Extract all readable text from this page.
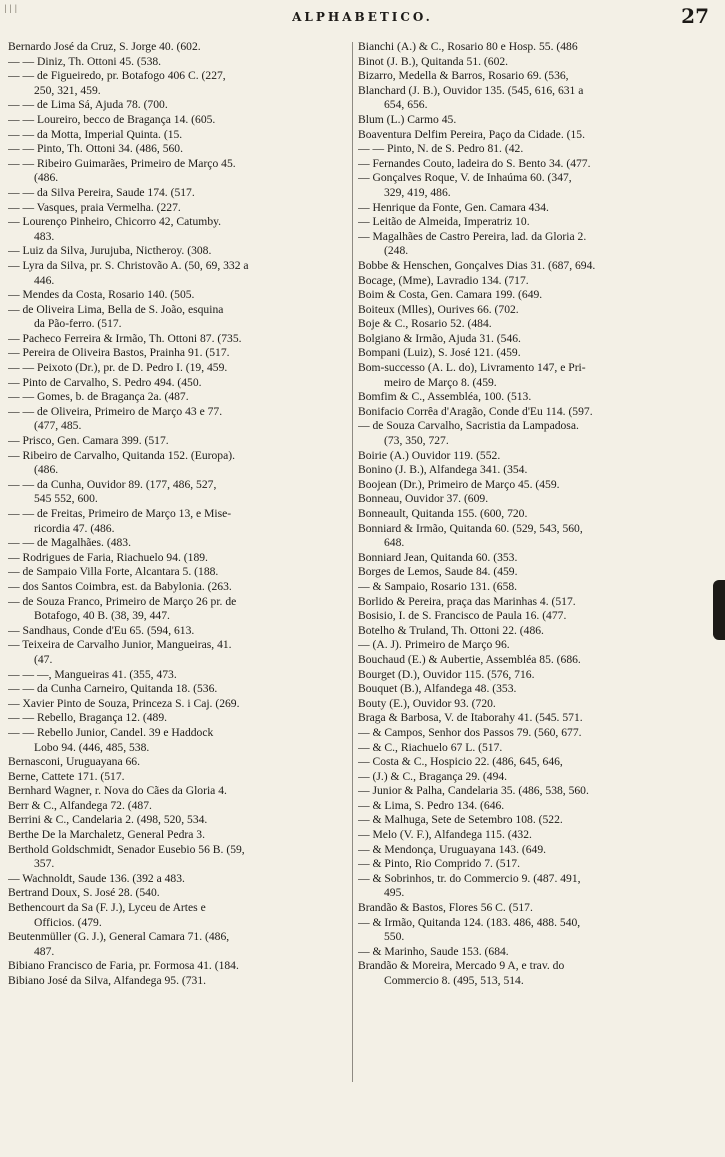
| | |
ALPHABETICO.	27
Bernardo José da Cruz, S. Jorge 40. (602.
— — Diniz, Th. Ottoni 45. (538.
— — de Figueiredo, pr. Botafogo 406 C. (227,
250, 321, 459.
— — de Lima Sá, Ajuda 78. (700.
— — Loureiro, becco de Bragança 14. (605.
— — da Motta, Imperial Quinta. (15.
— — Pinto, Th. Ottoni 34. (486, 560.
— — Ribeiro Guimarães, Primeiro de Março 45.
(486.
— — da Silva Pereira, Saude 174. (517.
— — Vasques, praia Vermelha. (227.
— Lourenço Pinheiro, Chicorro 42, Catumby.
483.
— Luiz da Silva, Jurujuba, Nictheroy. (308.
— Lyra da Silva, pr. S. Christovão A. (50, 69, 332 a
446.
— Mendes da Costa, Rosario 140. (505.
— de Oliveira Lima, Bella de S. João, esquina
da Pão-ferro. (517.
— Pacheco Ferreira & Irmão, Th. Ottoni 87. (735.
— Pereira de Oliveira Bastos, Prainha 91. (517.
— — Peixoto (Dr.), pr. de D. Pedro I. (19, 459.
— Pinto de Carvalho, S. Pedro 494. (450.
— — Gomes, b. de Bragança 2a. (487.
— — de Oliveira, Primeiro de Março 43 e 77.
(477, 485.
— Prisco, Gen. Camara 399. (517.
— Ribeiro de Carvalho, Quitanda 152. (Europa).
(486.
— — da Cunha, Ouvidor 89. (177, 486, 527,
545 552, 600.
— — de Freitas, Primeiro de Março 13, e Mise-
ricordia 47. (486.
— — de Magalhães. (483.
— Rodrigues de Faria, Riachuelo 94. (189.
— de Sampaio Villa Forte, Alcantara 5. (188.
— dos Santos Coimbra, est. da Babylonia. (263.
— de Souza Franco, Primeiro de Março 26 pr. de
Botafogo, 40 B. (38, 39, 447.
— Sandhaus, Conde d'Eu 65. (594, 613.
— Teixeira de Carvalho Junior, Mangueiras, 41.
(47.
— — —, Mangueiras 41. (355, 473.
— — da Cunha Carneiro, Quitanda 18. (536.
— Xavier Pinto de Souza, Princeza S. i Caj. (269.
— — Rebello, Bragança 12. (489.
— — Rebello Junior, Candel. 39 e Haddock
Lobo 94. (446, 485, 538.
Bernasconi, Uruguayana 66.
Berne, Cattete 171. (517.
Bernhard Wagner, r. Nova do Cães da Gloria 4.
Berr & C., Alfandega 72. (487.
Berrini & C., Candelaria 2. (498, 520, 534.
Berthe De la Marchaletz, General Pedra 3.
Berthold Goldschmidt, Senador Eusebio 56 B. (59,
357.
— Wachnoldt, Saude 136. (392 a 483.
Bertrand Doux, S. José 28. (540.
Bethencourt da Sa (F. J.), Lyceu de Artes e
Officios. (479.
Beutenmüller (G. J.), General Camara 71. (486,
487.
Bibiano Francisco de Faria, pr. Formosa 41. (184.
Bibiano José da Silva, Alfandega 95. (731.
Bianchi (A.) & C., Rosario 80 e Hosp. 55. (486
Binot (J. B.), Quitanda 51. (602.
Bizarro, Medella & Barros, Rosario 69. (536,
Blanchard (J. B.), Ouvidor 135. (545, 616, 631 a
654, 656.
Blum (L.) Carmo 45.
Boaventura Delfim Pereira, Paço da Cidade. (15.
— — Pinto, N. de S. Pedro 81. (42.
— Fernandes Couto, ladeira do S. Bento 34. (477.
— Gonçalves Roque, V. de Inhaúma 60. (347,
329, 419, 486.
— Henrique da Fonte, Gen. Camara 434.
— Leitão de Almeida, Imperatriz 10.
— Magalhães de Castro Pereira, lad. da Gloria 2.
(248.
Bobbe & Henschen, Gonçalves Dias 31. (687, 694.
Bocage, (Mme), Lavradio 134. (717.
Boim & Costa, Gen. Camara 199. (649.
Boiteux (Mlles), Ourives 66. (702.
Boje & C., Rosario 52. (484.
Bolgiano & Irmão, Ajuda 31. (546.
Bompani (Luiz), S. José 121. (459.
Bom-successo (A. L. do), Livramento 147, e Pri-
meiro de Março 8. (459.
Bomfim & C., Assembléa, 100. (513.
Bonifacio Corrêa d'Aragão, Conde d'Eu 114. (597.
— de Souza Carvalho, Sacristia da Lampadosa.
(73, 350, 727.
Boirie (A.) Ouvidor 119. (552.
Bonino (J. B.), Alfandega 341. (354.
Boojean (Dr.), Primeiro de Março 45. (459.
Bonneau, Ouvidor 37. (609.
Bonneault, Quitanda 155. (600, 720.
Bonniard & Irmão, Quitanda 60. (529, 543, 560,
648.
Bonniard Jean, Quitanda 60. (353.
Borges de Lemos, Saude 84. (459.
— & Sampaio, Rosario 131. (658.
Borlido & Pereira, praça das Marinhas 4. (517.
Bosisio, I. de S. Francisco de Paula 16. (477.
Botelho & Truland, Th. Ottoni 22. (486.
— (A. J). Primeiro de Março 96.
Bouchaud (E.) & Aubertie, Assembléa 85. (686.
Bourget (D.), Ouvidor 115. (576, 716.
Bouquet (B.), Alfandega 48. (353.
Bouty (E.), Ouvidor 93. (720.
Braga & Barbosa, V. de Itaborahy 41. (545. 571.
— & Campos, Senhor dos Passos 79. (560, 677.
— & C., Riachuelo 67 L. (517.
— Costa & C., Hospicio 22. (486, 645, 646,
— (J.) & C., Bragança 29. (494.
— Junior & Palha, Candelaria 35. (486, 538, 560.
— & Lima, S. Pedro 134. (646.
— & Malhuga, Sete de Setembro 108. (522.
— Melo (V. F.), Alfandega 115. (432.
— & Mendonça, Uruguayana 143. (649.
— & Pinto, Rio Comprido 7. (517.
— & Sobrinhos, tr. do Commercio 9. (487. 491,
495.
Brandão & Bastos, Flores 56 C. (517.
— & Irmão, Quitanda 124. (183. 486, 488. 540,
550.
— & Marinho, Saude 153. (684.
Brandão & Moreira, Mercado 9 A, e trav. do
Commercio 8. (495, 513, 514.
